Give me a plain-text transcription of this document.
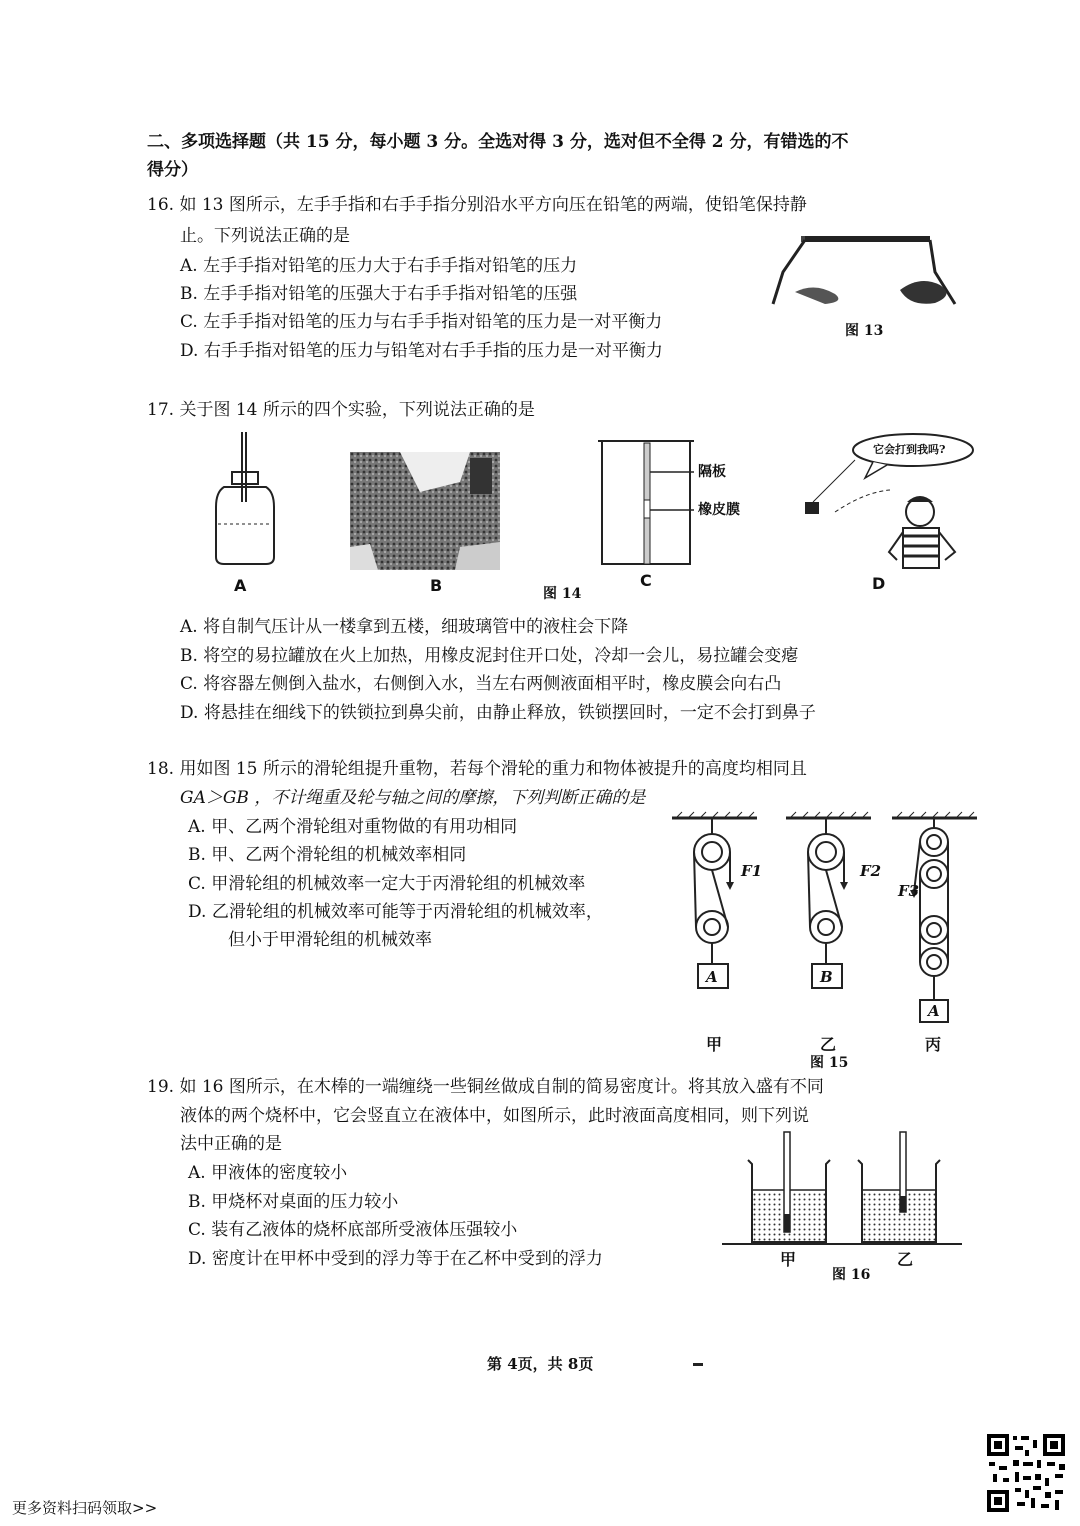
二、多项选择题（共 15 分，每小题 3 分。全选对得 3 分，选对但不全得 2 分，有错选的不
得分）
16. 如 13 图所示，左手手指和右手手指分别沿水平方向压在铅笔的两端，使铅笔保持静
止。下列说法正确的是
A. 左手手指对铅笔的压力大于右手手指对铅笔的压力
B. 左手手指对铅笔的压强大于右手手指对铅笔的压强
C. 左手手指对铅笔的压力与右手手指对铅笔的压力是一对平衡力
D. 右手手指对铅笔的压力与铅笔对右手手指的压力是一对平衡力
图 13
17. 关于图 14 所示的四个实验，下列说法正确的是
A	B	图 14
隔板
橡皮膜
C
它会打到我吗?
D
A. 将自制气压计从一楼拿到五楼，细玻璃管中的液柱会下降
B. 将空的易拉罐放在火上加热，用橡皮泥封住开口处，冷却一会儿，易拉罐会变瘪
C. 将容器左侧倒入盐水，右侧倒入水，当左右两侧液面相平时，橡皮膜会向右凸
D. 将悬挂在细线下的铁锁拉到鼻尖前，由静止释放，铁锁摆回时，一定不会打到鼻子
18. 用如图 15 所示的滑轮组提升重物，若每个滑轮的重力和物体被提升的高度均相同且
GA＞GB ，不计绳重及轮与轴之间的摩擦，下列判断正确的是
A. 甲、乙两个滑轮组对重物做的有用功相同
B. 甲、乙两个滑轮组的机械效率相同
C. 甲滑轮组的机械效率一定大于丙滑轮组的机械效率
D. 乙滑轮组的机械效率可能等于丙滑轮组的机械效率，
但小于甲滑轮组的机械效率
F1
A
F2
B
F3
A
甲	乙	丙
图 15
19. 如 16 图所示，在木棒的一端缠绕一些铜丝做成自制的简易密度计。将其放入盛有不同
液体的两个烧杯中，它会竖直立在液体中，如图所示，此时液面高度相同，则下列说
法中正确的是
A. 甲液体的密度较小
B. 甲烧杯对桌面的压力较小
C. 装有乙液体的烧杯底部所受液体压强较小
D. 密度计在甲杯中受到的浮力等于在乙杯中受到的浮力	甲	乙
图 16
第 4页，共 8页
更多资料扫码领取>>
